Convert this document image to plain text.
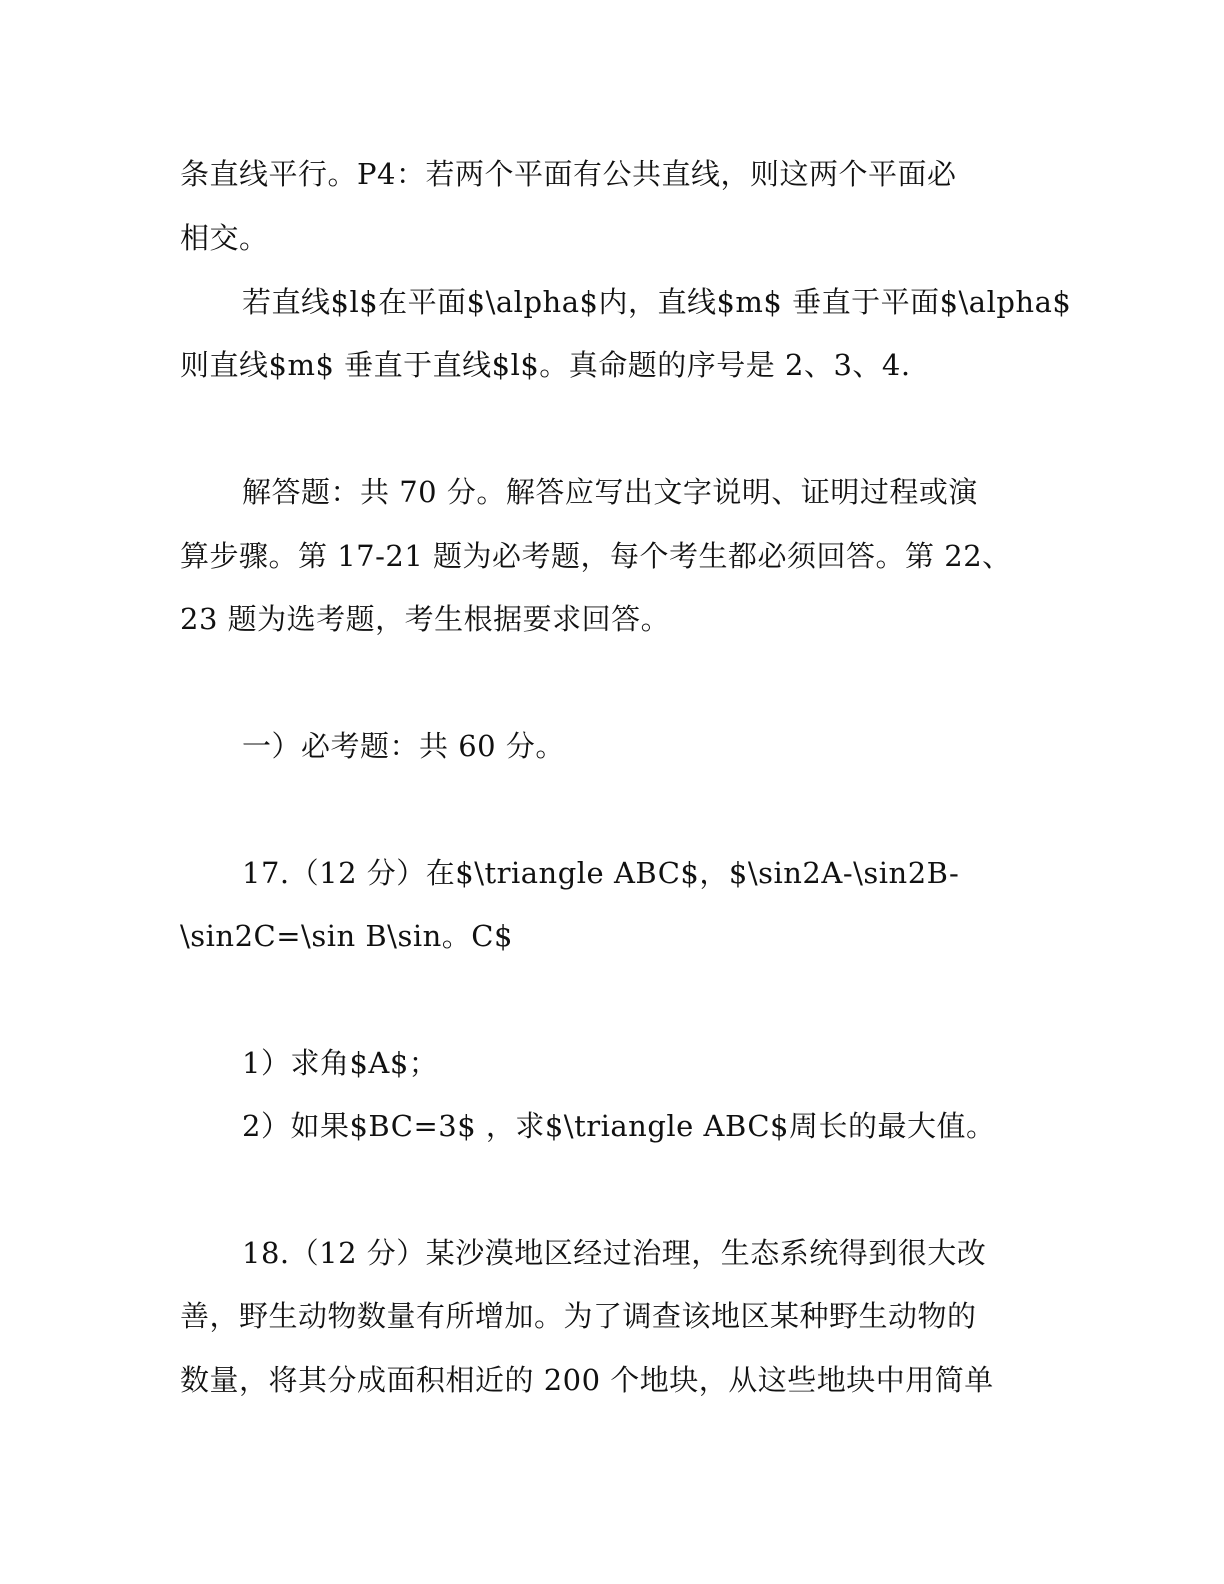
条直线平行。P4：若两个平面有公共直线，则这两个平面必
相交。
若直线$l$在平面$\alpha$内，直线$m$ 垂直于平面$\alpha$
则直线$m$ 垂直于直线$l$。真命题的序号是 2、3、4.
解答题：共 70 分。解答应写出文字说明、证明过程或演
算步骤。第 17-21 题为必考题，每个考生都必须回答。第 22、
23 题为选考题，考生根据要求回答。
一）必考题：共 60 分。
17.（12 分）在$\triangle ABC$，$\sin2A-\sin2B-
\sin2C=\sin B\sin。C$
1）求角$A$；
2）如果$BC=3$ ，求$\triangle ABC$周长的最大值。
18.（12 分）某沙漠地区经过治理，生态系统得到很大改
善，野生动物数量有所增加。为了调查该地区某种野生动物的
数量，将其分成面积相近的 200 个地块，从这些地块中用简单
